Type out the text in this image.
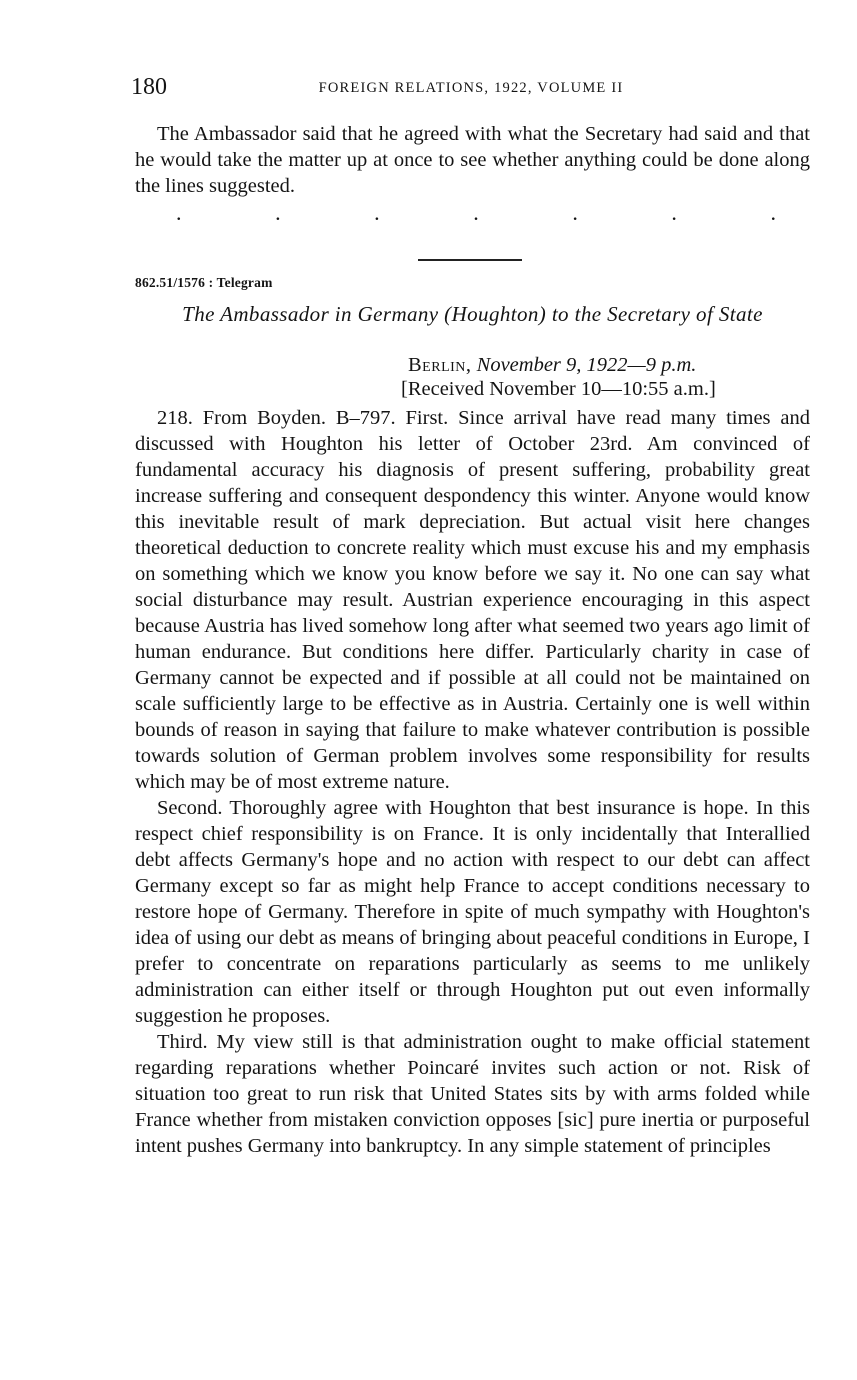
180	FOREIGN RELATIONS, 1922, VOLUME II

The Ambassador said that he agreed with what the Secretary had said and that he would take the matter up at once to see whether anything could be done along the lines suggested.

.	.	.	.	.	.	.
862.51/1576 : Telegram
The Ambassador in Germany (Houghton) to the Secretary of State
Berlin, November 9, 1922—9 p.m.
[Received November 10—10:55 a.m.]

218. From Boyden. B–797. First. Since arrival have read many times and discussed with Houghton his letter of October 23rd. Am convinced of fundamental accuracy his diagnosis of present suffering, probability great increase suffering and consequent despondency this winter. Anyone would know this inevitable result of mark depreciation. But actual visit here changes theoretical deduction to concrete reality which must excuse his and my emphasis on something which we know you know before we say it. No one can say what social disturbance may result. Austrian experience encouraging in this aspect because Austria has lived somehow long after what seemed two years ago limit of human endurance. But conditions here differ. Particularly charity in case of Germany cannot be expected and if possible at all could not be maintained on scale sufficiently large to be effective as in Austria. Certainly one is well within bounds of reason in saying that failure to make whatever contribution is possible towards solution of German problem involves some responsibility for results which may be of most extreme nature.

Second. Thoroughly agree with Houghton that best insurance is hope. In this respect chief responsibility is on France. It is only incidentally that Interallied debt affects Germany's hope and no action with respect to our debt can affect Germany except so far as might help France to accept conditions necessary to restore hope of Germany. Therefore in spite of much sympathy with Houghton's idea of using our debt as means of bringing about peaceful conditions in Europe, I prefer to concentrate on reparations particularly as seems to me unlikely administration can either itself or through Houghton put out even informally suggestion he proposes.

Third. My view still is that administration ought to make official statement regarding reparations whether Poincaré invites such action or not. Risk of situation too great to run risk that United States sits by with arms folded while France whether from mistaken conviction opposes [sic] pure inertia or purposeful intent pushes Germany into bankruptcy. In any simple statement of principles
